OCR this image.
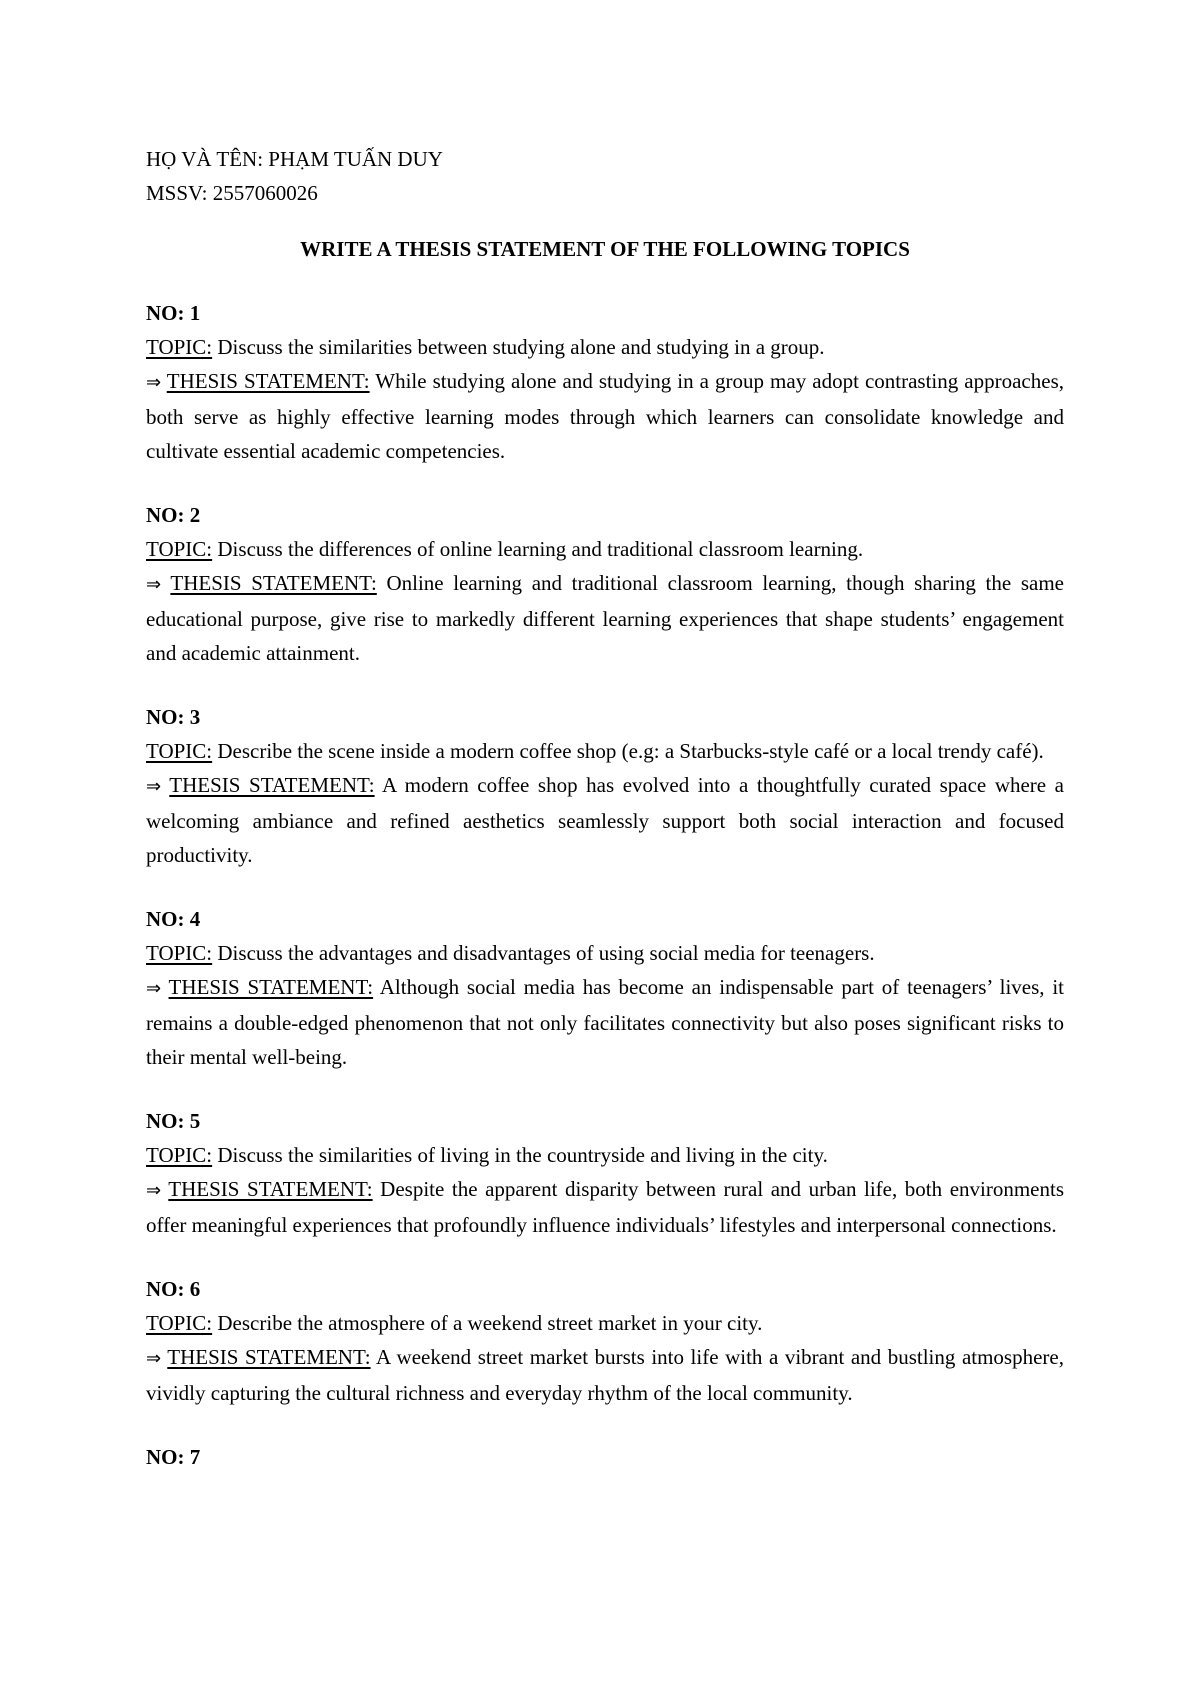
HỌ VÀ TÊN: PHẠM TUẤN DUY

MSSV: 2557060026

WRITE A THESIS STATEMENT OF THE FOLLOWING TOPICS

NO: 1

TOPIC: Discuss the similarities between studying alone and studying in a group.

⇒ THESIS STATEMENT: While studying alone and studying in a group may adopt contrasting approaches, both serve as highly effective learning modes through which learners can consolidate knowledge and cultivate essential academic competencies.

NO: 2

TOPIC: Discuss the differences of online learning and traditional classroom learning.

⇒ THESIS STATEMENT: Online learning and traditional classroom learning, though sharing the same educational purpose, give rise to markedly different learning experiences that shape students’ engagement and academic attainment.

NO: 3

TOPIC: Describe the scene inside a modern coffee shop (e.g: a Starbucks-style café or a local trendy café).

⇒ THESIS STATEMENT: A modern coffee shop has evolved into a thoughtfully curated space where a welcoming ambiance and refined aesthetics seamlessly support both social interaction and focused productivity.

NO: 4

TOPIC: Discuss the advantages and disadvantages of using social media for teenagers.

⇒ THESIS STATEMENT: Although social media has become an indispensable part of teenagers’ lives, it remains a double-edged phenomenon that not only facilitates connectivity but also poses significant risks to their mental well-being.

NO: 5

TOPIC: Discuss the similarities of living in the countryside and living in the city.

⇒ THESIS STATEMENT: Despite the apparent disparity between rural and urban life, both environments offer meaningful experiences that profoundly influence individuals’ lifestyles and interpersonal connections.

NO: 6

TOPIC: Describe the atmosphere of a weekend street market in your city.

⇒ THESIS STATEMENT: A weekend street market bursts into life with a vibrant and bustling atmosphere, vividly capturing the cultural richness and everyday rhythm of the local community.

NO: 7
